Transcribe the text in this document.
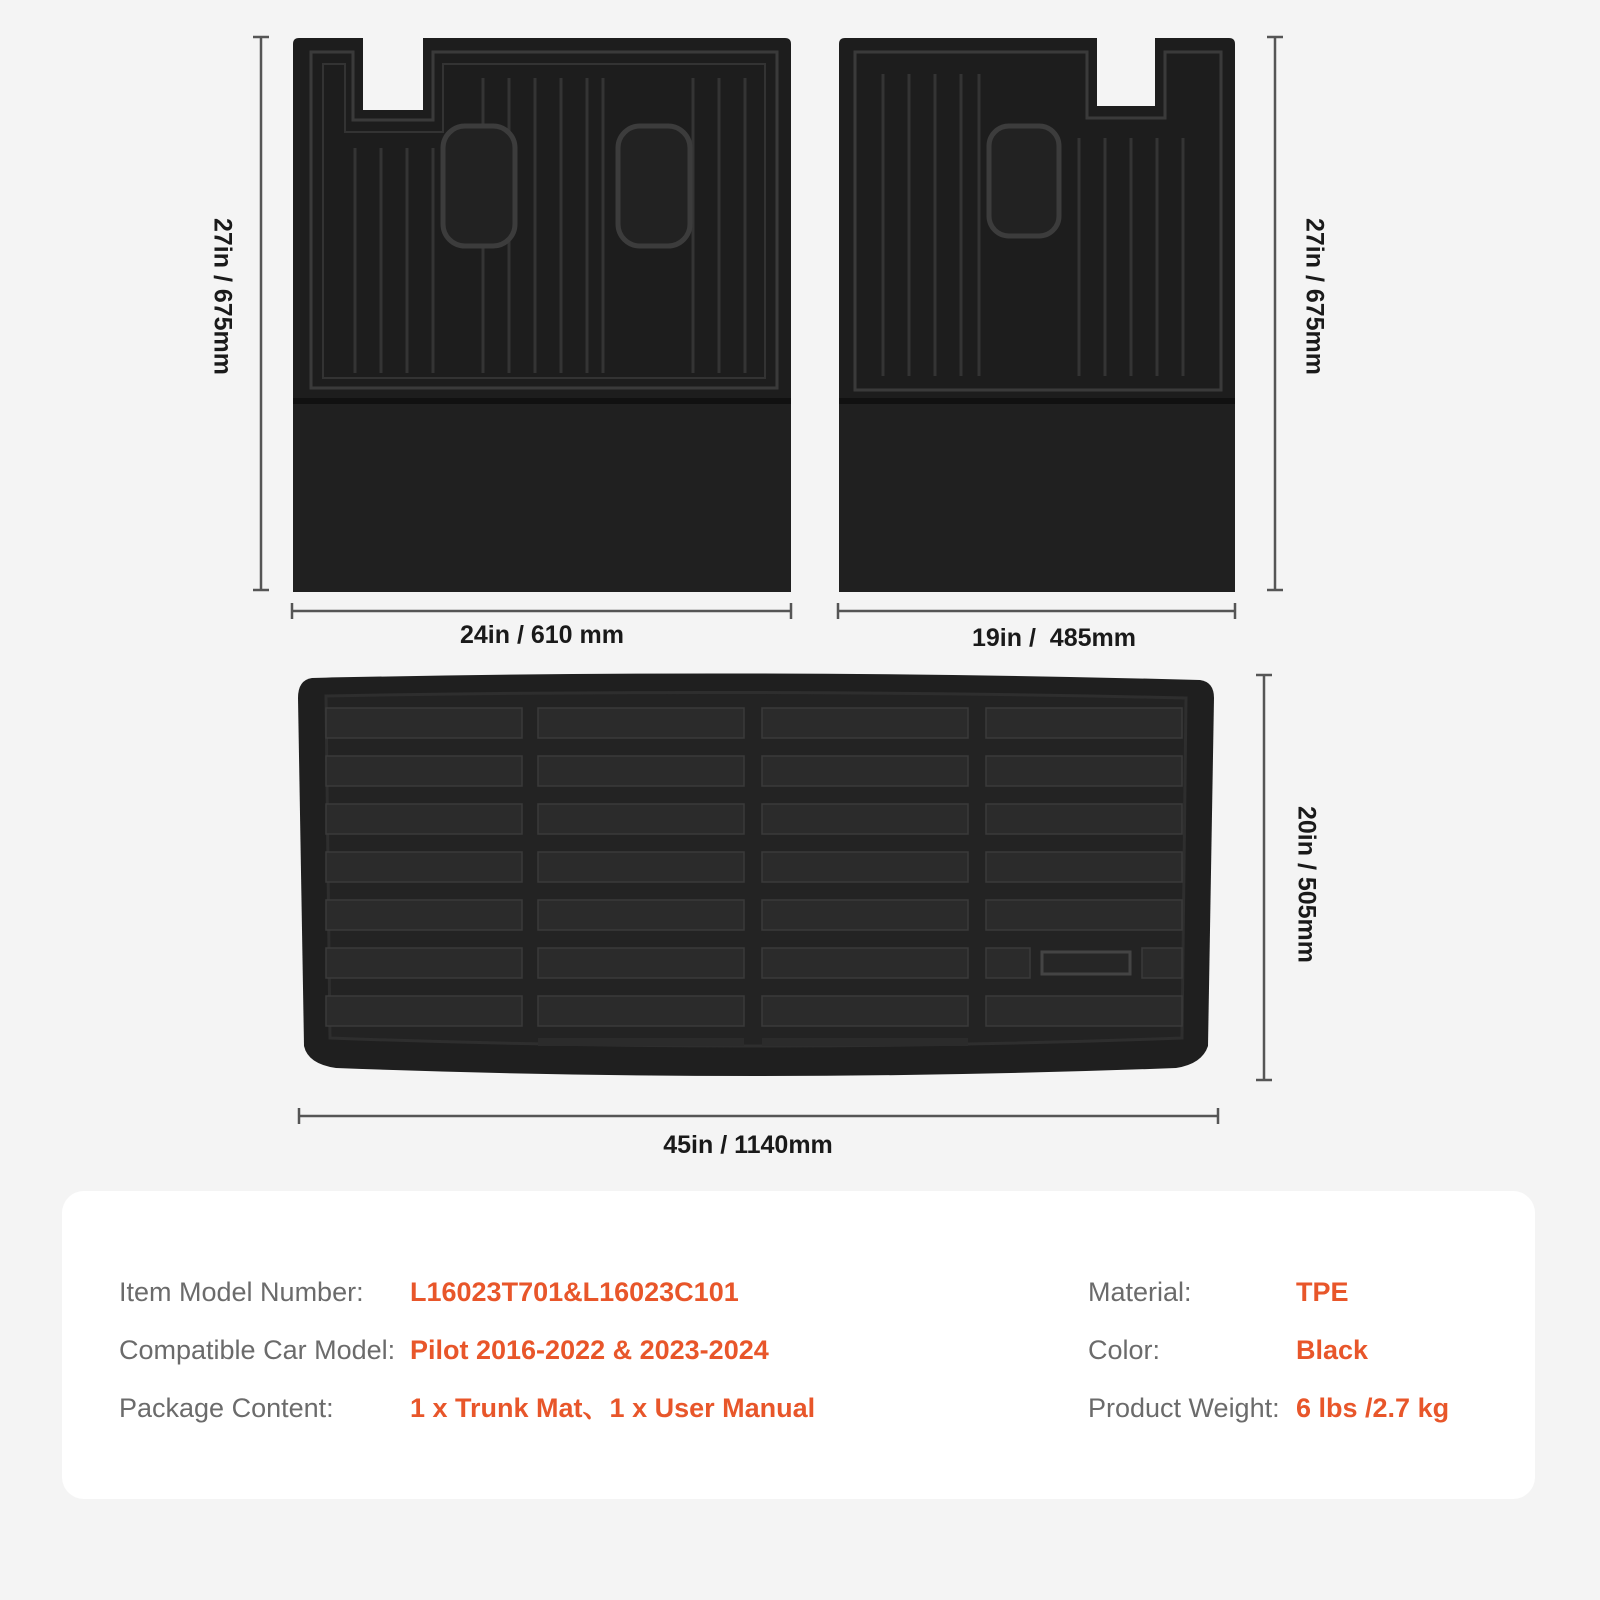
27in / 675mm
24in / 610 mm	19in /  485mm
27in / 675mm
20in / 505mm
45in / 1140mm
Item Model Number: L16023T701&L16023C101
Compatible Car Model: Pilot 2016-2022 & 2023-2024
Package Content:	1 x Trunk Mat、1 x User Manual
Material:	TPE
Color:	Black
Product Weight: 6 lbs /2.7 kg
